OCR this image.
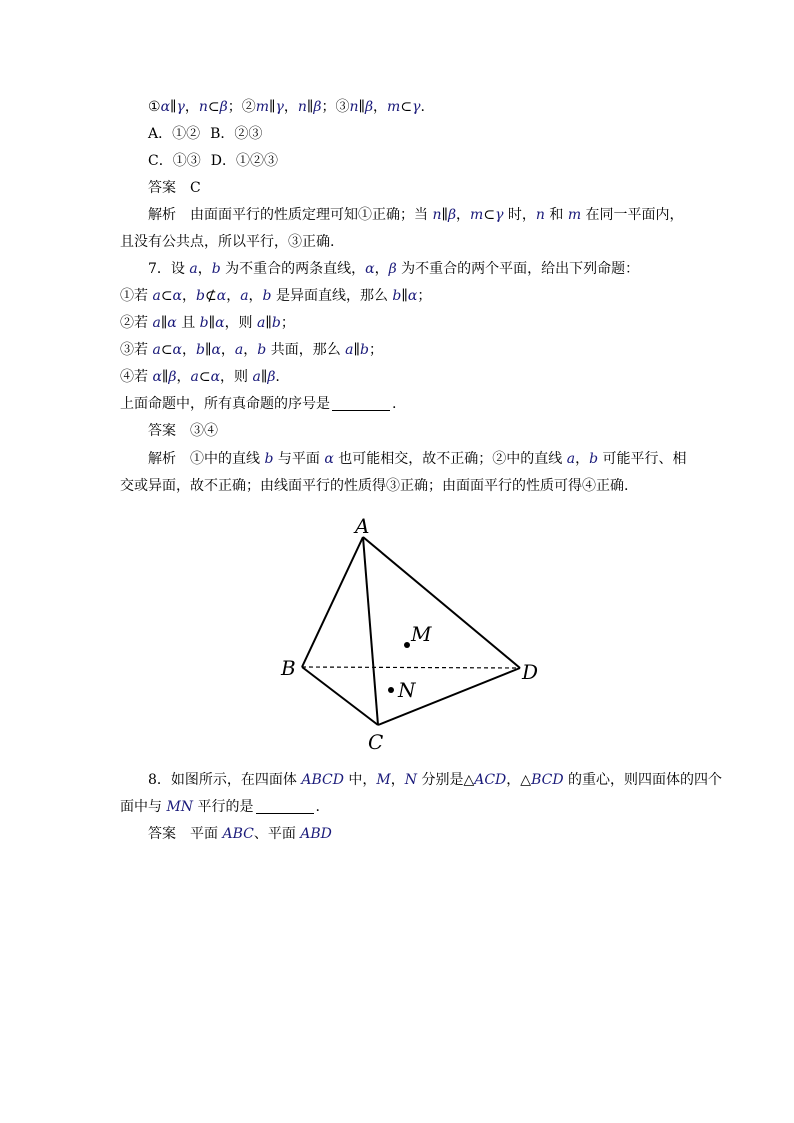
①α∥γ，n⊂β；②m∥γ，n∥β；③n∥β，m⊂γ.
A．①② B．②③
C．①③ D．①②③
答案　C
解析　由面面平行的性质定理可知①正确；当 n∥β，m⊂γ 时，n 和 m 在同一平面内，
且没有公共点，所以平行，③正确.
7．设 a，b 为不重合的两条直线，α，β 为不重合的两个平面，给出下列命题：
①若 a⊂α，b⊄α，a，b 是异面直线，那么 b∥α；
②若 a∥α 且 b∥α，则 a∥b；
③若 a⊂α，b∥α，a，b 共面，那么 a∥b；
④若 α∥β，a⊂α，则 a∥β.
上面命题中，所有真命题的序号是	.
答案　③④
解析　①中的直线 b 与平面 α 也可能相交，故不正确；②中的直线 a，b 可能平行、相
交或异面，故不正确；由线面平行的性质得③正确；由面面平行的性质可得④正确.
8．如图所示，在四面体 ABCD 中，M，N 分别是△ACD，△BCD 的重心，则四面体的四个
面中与 MN 平行的是	.
答案　平面 ABC、平面 ABD
A
B
C
D
M
N
